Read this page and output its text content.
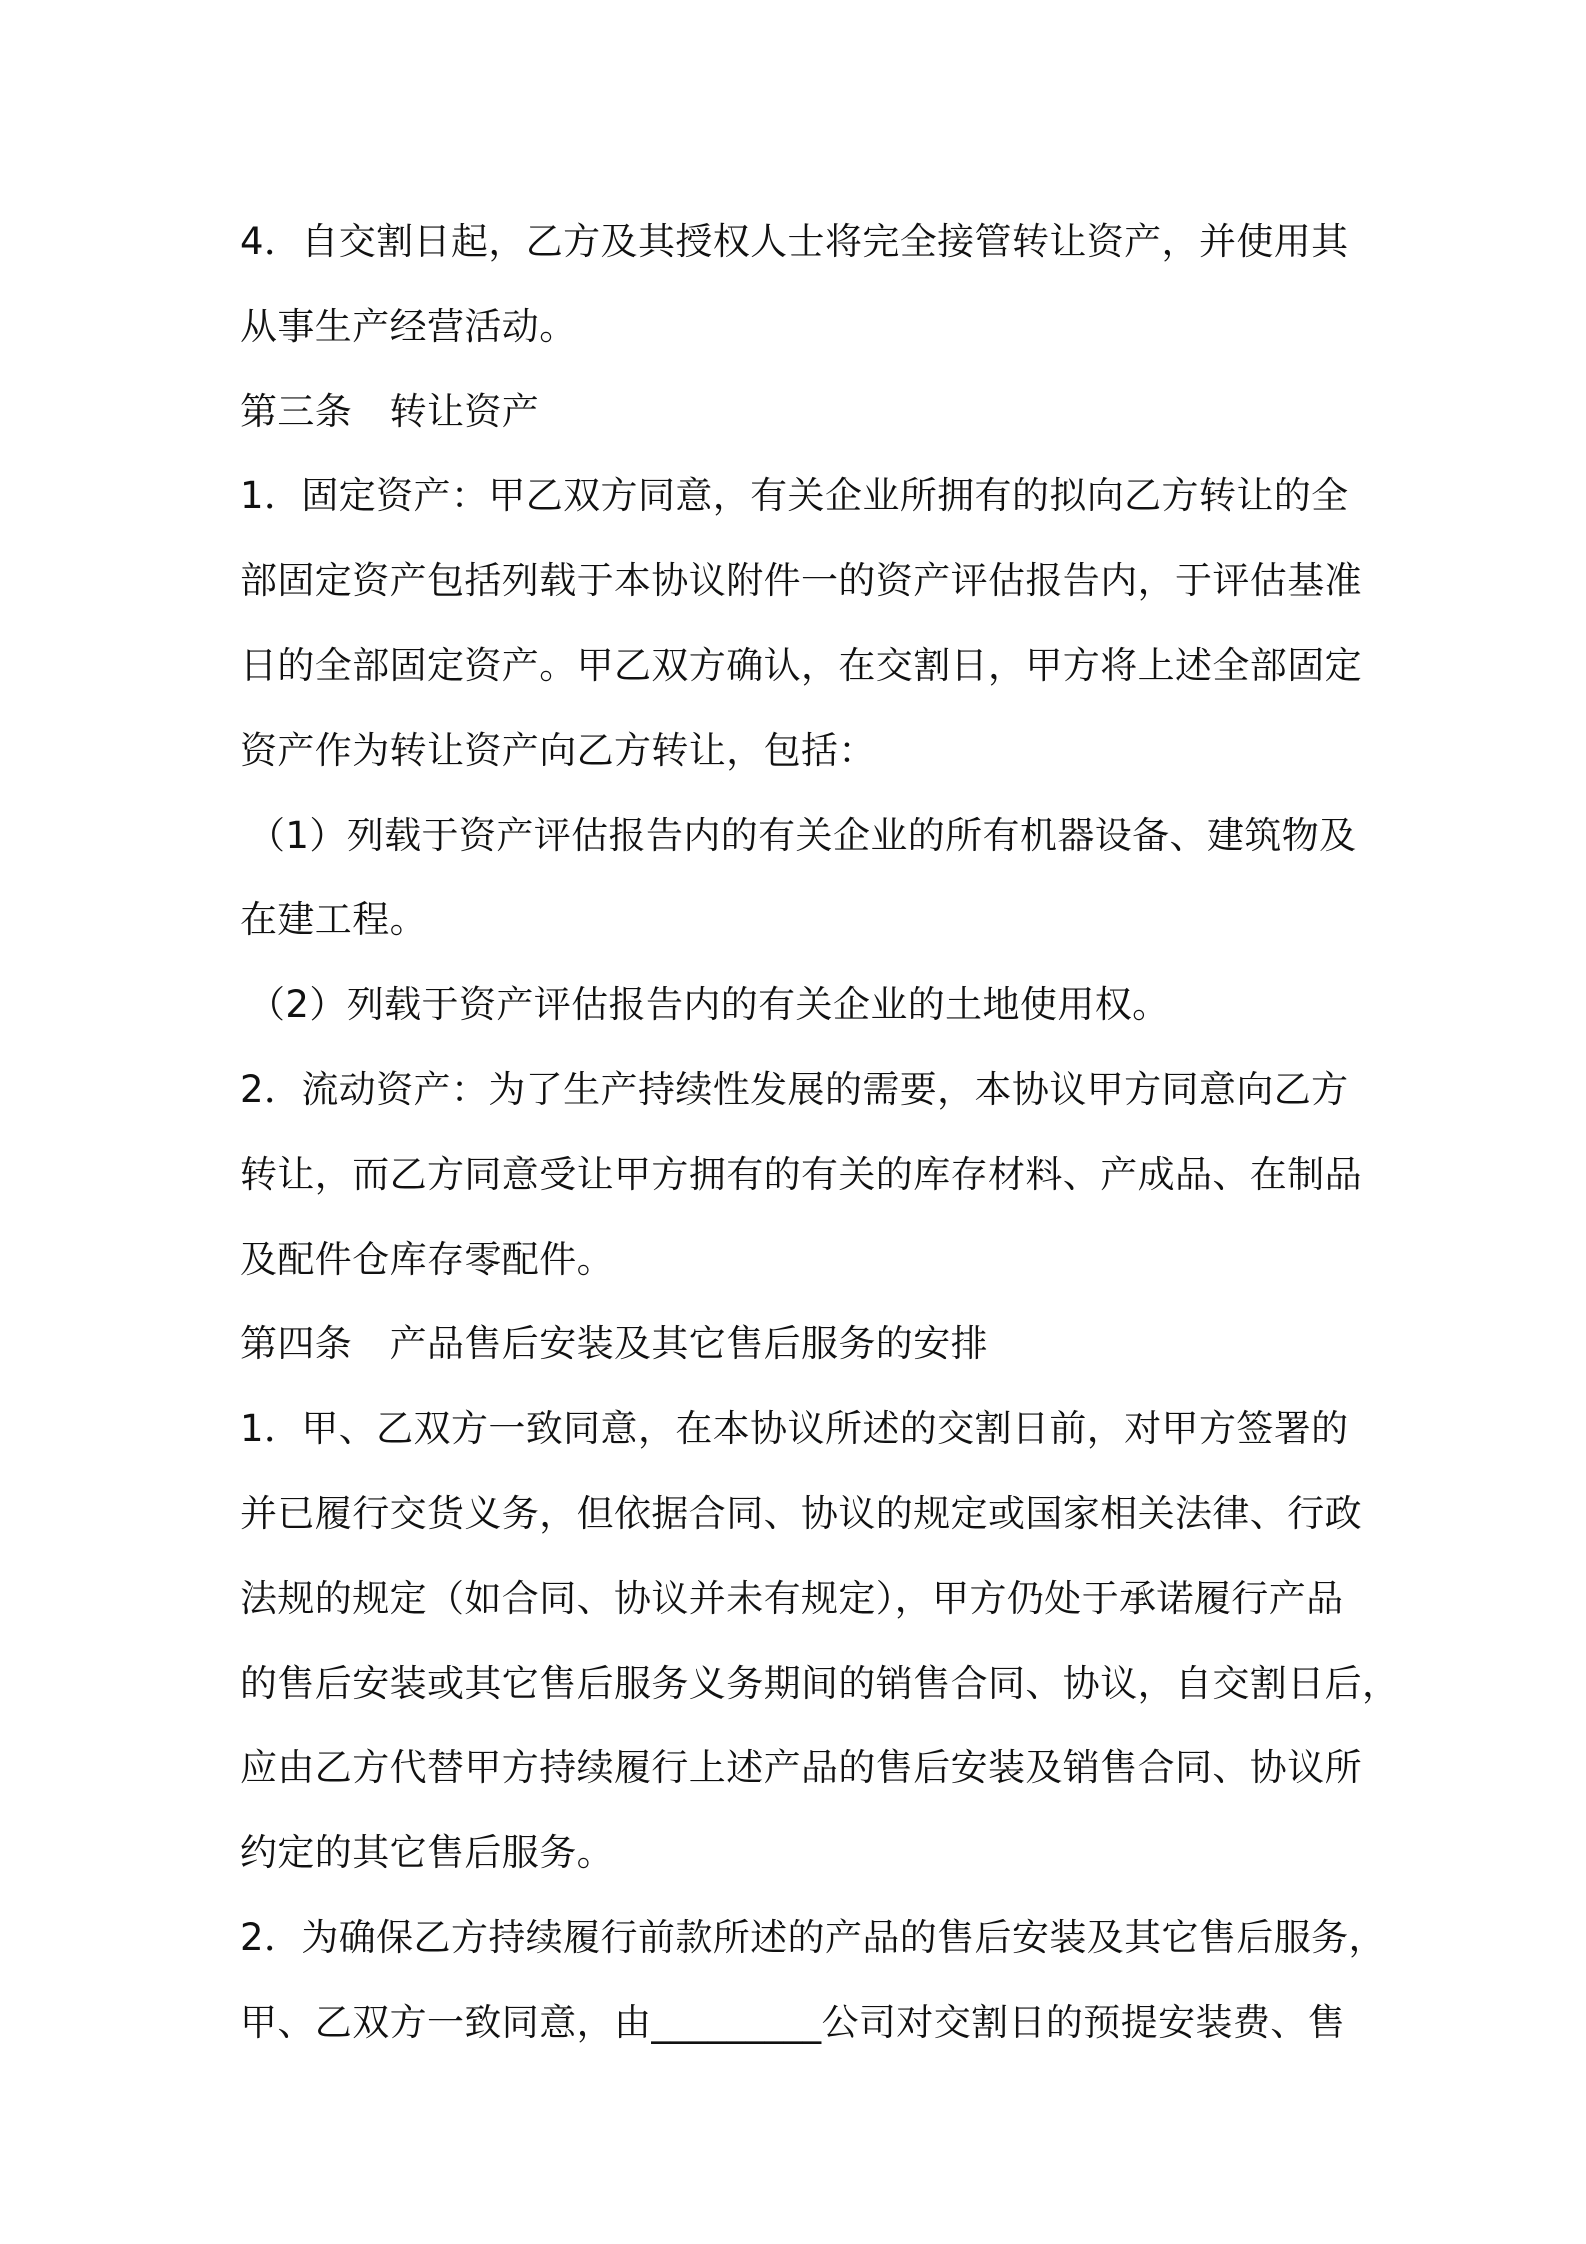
4．自交割日起，乙方及其授权人士将完全接管转让资产，并使用其
从事生产经营活动。
第三条　转让资产
1．固定资产：甲乙双方同意，有关企业所拥有的拟向乙方转让的全
部固定资产包括列载于本协议附件一的资产评估报告内，于评估基准
日的全部固定资产。甲乙双方确认，在交割日，甲方将上述全部固定
资产作为转让资产向乙方转让，包括：
（1）列载于资产评估报告内的有关企业的所有机器设备、建筑物及
在建工程。
（2）列载于资产评估报告内的有关企业的土地使用权。
2．流动资产：为了生产持续性发展的需要，本协议甲方同意向乙方
转让，而乙方同意受让甲方拥有的有关的库存材料、产成品、在制品
及配件仓库存零配件。
第四条　产品售后安装及其它售后服务的安排
1．甲、乙双方一致同意，在本协议所述的交割日前，对甲方签署的
并已履行交货义务，但依据合同、协议的规定或国家相关法律、行政
法规的规定（如合同、协议并未有规定），甲方仍处于承诺履行产品
的售后安装或其它售后服务义务期间的销售合同、协议，自交割日后，
应由乙方代替甲方持续履行上述产品的售后安装及销售合同、协议所
约定的其它售后服务。
2．为确保乙方持续履行前款所述的产品的售后安装及其它售后服务，
甲、乙双方一致同意，由_________公司对交割日的预提安装费、售
